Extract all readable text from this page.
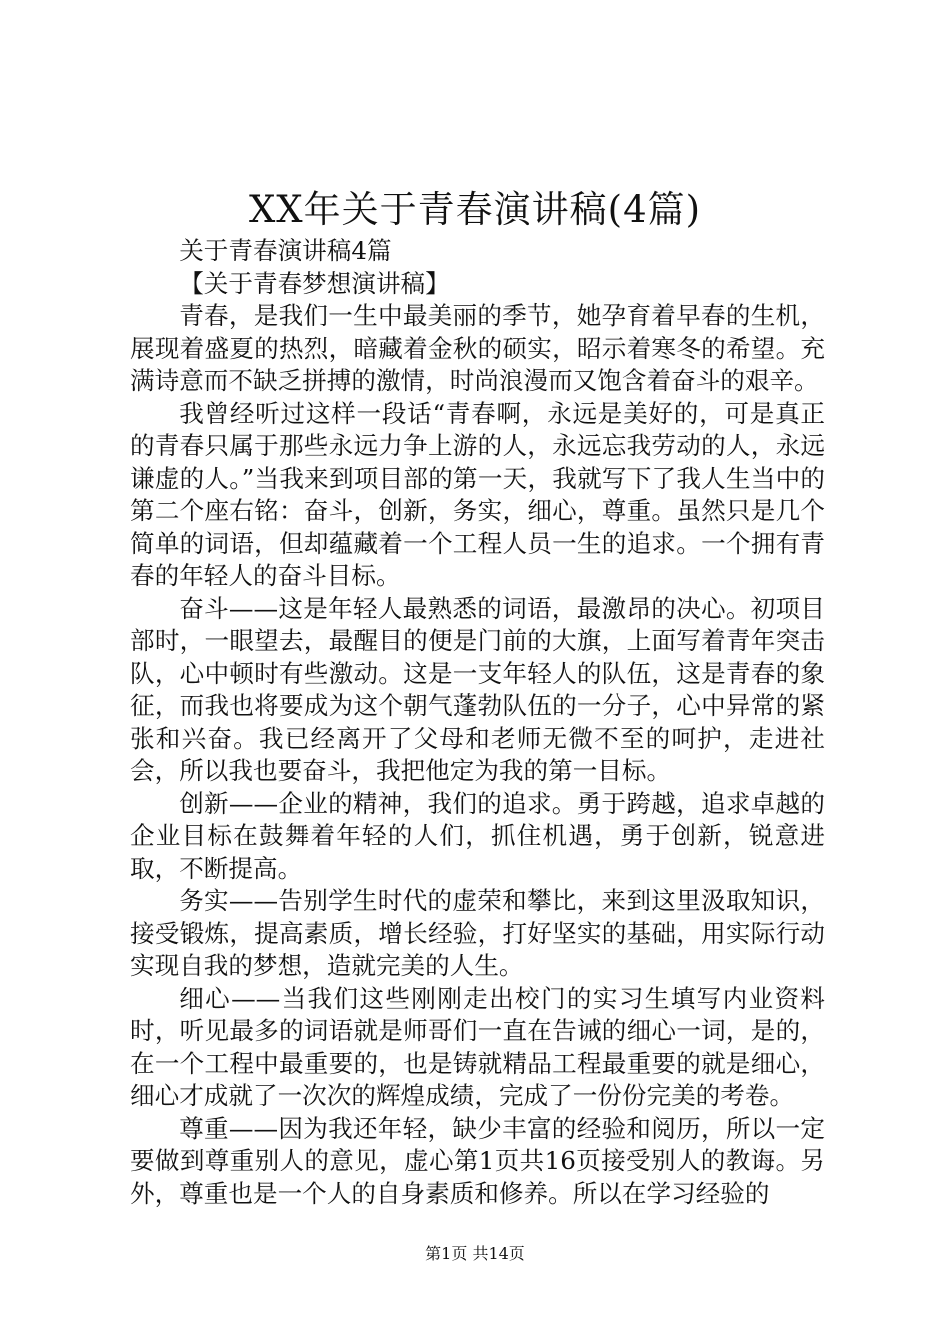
XX年关于青春演讲稿(4篇)

关于青春演讲稿4篇

【关于青春梦想演讲稿】

青春，是我们一生中最美丽的季节，她孕育着早春的生机，展现着盛夏的热烈，暗藏着金秋的硕实，昭示着寒冬的希望。充满诗意而不缺乏拼搏的激情，时尚浪漫而又饱含着奋斗的艰辛。

我曾经听过这样一段话“青春啊，永远是美好的，可是真正的青春只属于那些永远力争上游的人，永远忘我劳动的人，永远谦虚的人。”当我来到项目部的第一天，我就写下了我人生当中的第二个座右铭：奋斗，创新，务实，细心，尊重。虽然只是几个简单的词语，但却蕴藏着一个工程人员一生的追求。一个拥有青春的年轻人的奋斗目标。

奋斗——这是年轻人最熟悉的词语，最激昂的决心。初项目部时，一眼望去，最醒目的便是门前的大旗，上面写着青年突击队，心中顿时有些激动。这是一支年轻人的队伍，这是青春的象征，而我也将要成为这个朝气蓬勃队伍的一分子，心中异常的紧张和兴奋。我已经离开了父母和老师无微不至的呵护，走进社会，所以我也要奋斗，我把他定为我的第一目标。

创新——企业的精神，我们的追求。勇于跨越，追求卓越的企业目标在鼓舞着年轻的人们，抓住机遇，勇于创新，锐意进取，不断提高。

务实——告别学生时代的虚荣和攀比，来到这里汲取知识，接受锻炼，提高素质，增长经验，打好坚实的基础，用实际行动实现自我的梦想，造就完美的人生。

细心——当我们这些刚刚走出校门的实习生填写内业资料时，听见最多的词语就是师哥们一直在告诫的细心一词，是的，在一个工程中最重要的，也是铸就精品工程最重要的就是细心，细心才成就了一次次的辉煌成绩，完成了一份份完美的考卷。

尊重——因为我还年轻，缺少丰富的经验和阅历，所以一定要做到尊重别人的意见，虚心第1页共16页接受别人的教诲。另外，尊重也是一个人的自身素质和修养。所以在学习经验的

第1页 共14页
